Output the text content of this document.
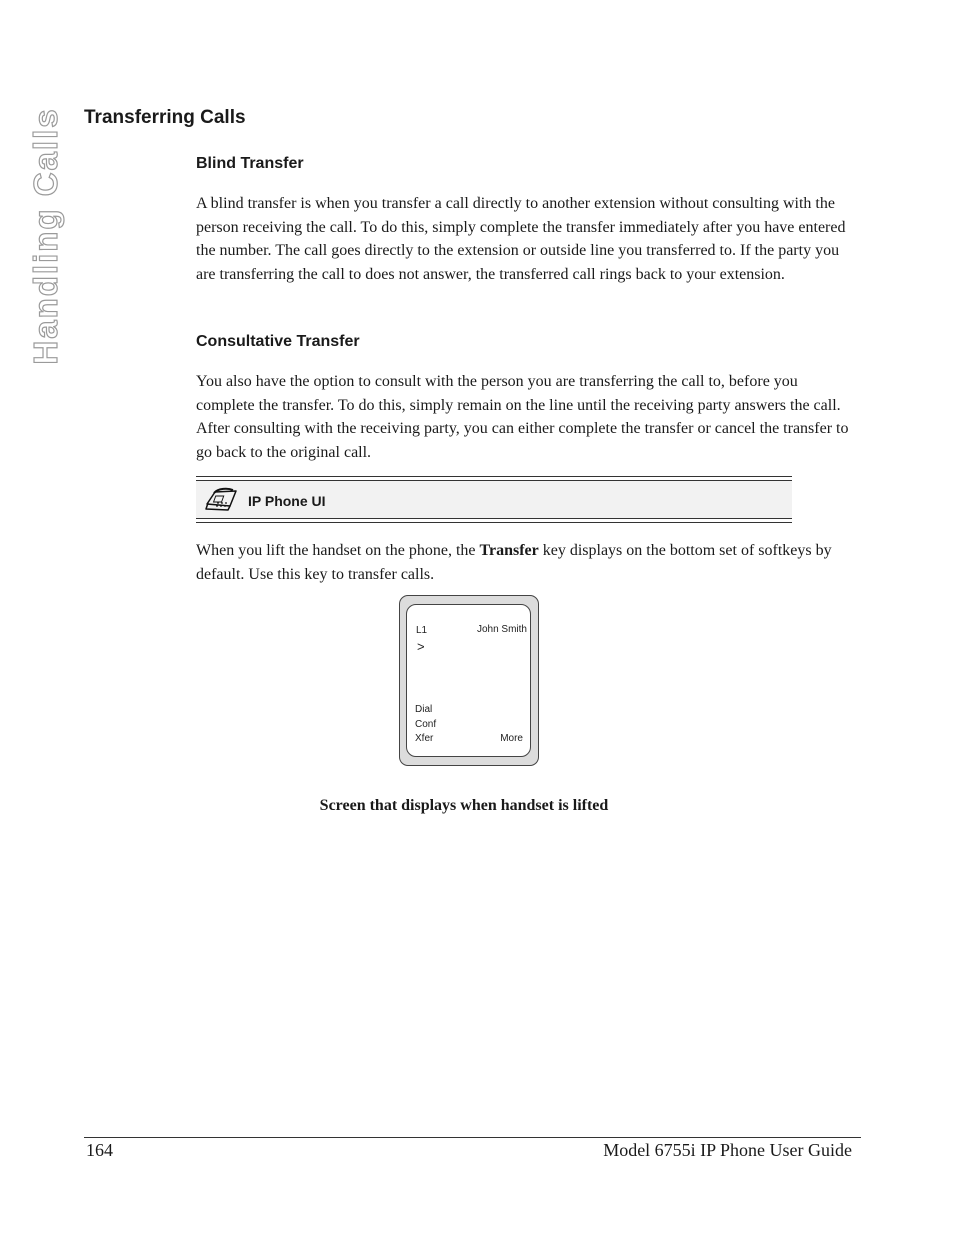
Handling Calls Transferring Calls
Blind Transfer

A blind transfer is when you transfer a call directly to another extension without consulting with the person receiving the call. To do this, simply complete the transfer immediately after you have entered the number. The call goes directly to the extension or outside line you transferred to. If the party you are transferring the call to does not answer, the transferred call rings back to your extension.

Consultative Transfer

You also have the option to consult with the person you are transferring the call to, before you complete the transfer. To do this, simply remain on the line until the receiving party answers the call. After consulting with the receiving party, you can either complete the transfer or cancel the transfer to go back to the original call.

IP Phone UI

When you lift the handset on the phone, the Transfer key displays on the bottom set of softkeys by default. Use this key to transfer calls.

L1	John Smith
>
Dial
Conf
Xfer	More

Screen that displays when handset is lifted

164	Model 6755i IP Phone User Guide
